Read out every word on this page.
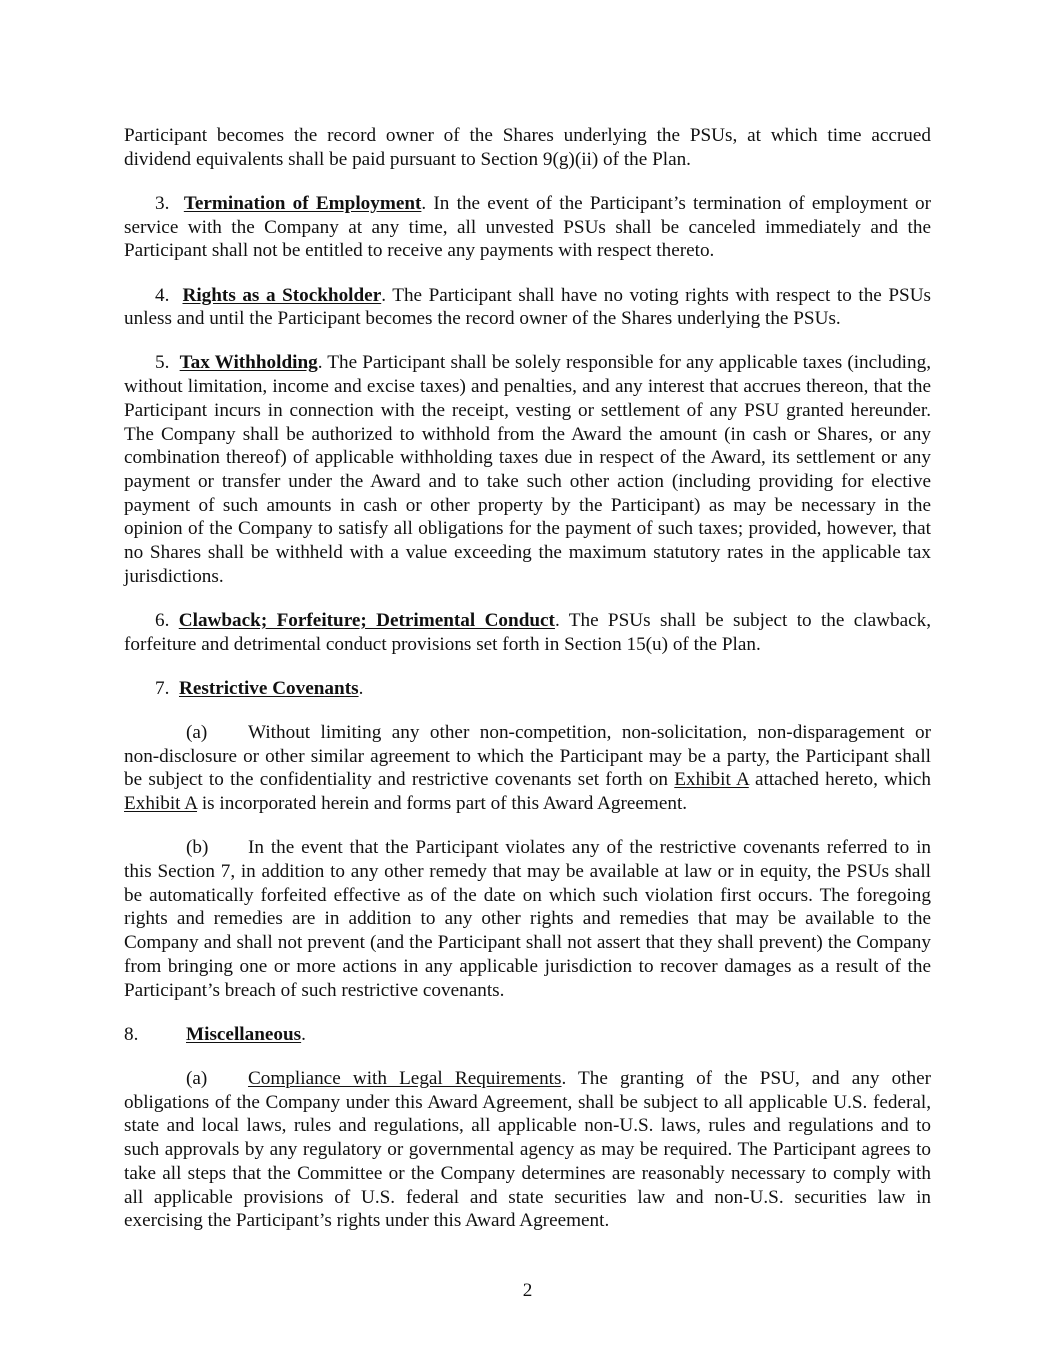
Participant becomes the record owner of the Shares underlying the PSUs, at which time accrued dividend equivalents shall be paid pursuant to Section 9(g)(ii) of the Plan.

3. Termination of Employment. In the event of the Participant’s termination of employment or service with the Company at any time, all unvested PSUs shall be canceled immediately and the Participant shall not be entitled to receive any payments with respect thereto.

4. Rights as a Stockholder. The Participant shall have no voting rights with respect to the PSUs unless and until the Participant becomes the record owner of the Shares underlying the PSUs.

5. Tax Withholding. The Participant shall be solely responsible for any applicable taxes (including, without limitation, income and excise taxes) and penalties, and any interest that accrues thereon, that the Participant incurs in connection with the receipt, vesting or settlement of any PSU granted hereunder. The Company shall be authorized to withhold from the Award the amount (in cash or Shares, or any combination thereof) of applicable withholding taxes due in respect of the Award, its settlement or any payment or transfer under the Award and to take such other action (including providing for elective payment of such amounts in cash or other property by the Participant) as may be necessary in the opinion of the Company to satisfy all obligations for the payment of such taxes; provided, however, that no Shares shall be withheld with a value exceeding the maximum statutory rates in the applicable tax jurisdictions.

6. Clawback; Forfeiture; Detrimental Conduct. The PSUs shall be subject to the clawback, forfeiture and detrimental conduct provisions set forth in Section 15(u) of the Plan.

7. Restrictive Covenants.

(a) Without limiting any other non-competition, non-solicitation, non-disparagement or non-disclosure or other similar agreement to which the Participant may be a party, the Participant shall be subject to the confidentiality and restrictive covenants set forth on Exhibit A attached hereto, which Exhibit A is incorporated herein and forms part of this Award Agreement.

(b) In the event that the Participant violates any of the restrictive covenants referred to in this Section 7, in addition to any other remedy that may be available at law or in equity, the PSUs shall be automatically forfeited effective as of the date on which such violation first occurs. The foregoing rights and remedies are in addition to any other rights and remedies that may be available to the Company and shall not prevent (and the Participant shall not assert that they shall prevent) the Company from bringing one or more actions in any applicable jurisdiction to recover damages as a result of the Participant’s breach of such restrictive covenants.

8. Miscellaneous.

(a) Compliance with Legal Requirements. The granting of the PSU, and any other obligations of the Company under this Award Agreement, shall be subject to all applicable U.S. federal, state and local laws, rules and regulations, all applicable non-U.S. laws, rules and regulations and to such approvals by any regulatory or governmental agency as may be required. The Participant agrees to take all steps that the Committee or the Company determines are reasonably necessary to comply with all applicable provisions of U.S. federal and state securities law and non-U.S. securities law in exercising the Participant’s rights under this Award Agreement.

2
